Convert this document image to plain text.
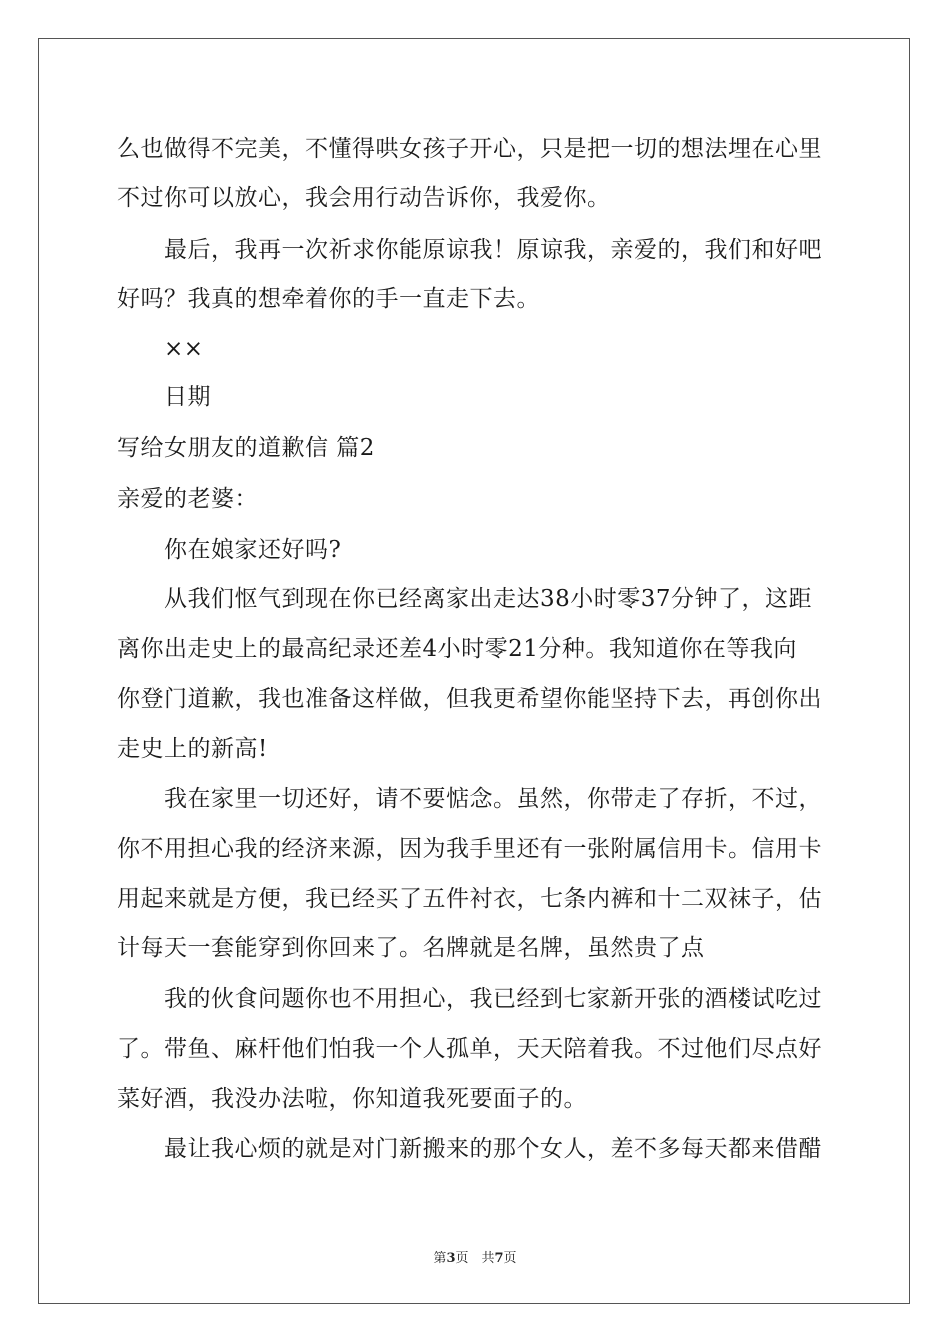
么也做得不完美，不懂得哄女孩子开心，只是把一切的想法埋在心里
不过你可以放心，我会用行动告诉你，我爱你。
最后，我再一次祈求你能原谅我！原谅我，亲爱的，我们和好吧
好吗？我真的想牵着你的手一直走下去。
××
日期
写给女朋友的道歉信 篇2
亲爱的老婆：
你在娘家还好吗?
从我们怄气到现在你已经离家出走达38小时零37分钟了，这距
离你出走史上的最高纪录还差4小时零21分种。我知道你在等我向
你登门道歉，我也准备这样做，但我更希望你能坚持下去，再创你出
走史上的新高!
我在家里一切还好，请不要惦念。虽然，你带走了存折，不过，
你不用担心我的经济来源，因为我手里还有一张附属信用卡。信用卡
用起来就是方便，我已经买了五件衬衣，七条内裤和十二双袜子，估
计每天一套能穿到你回来了。名牌就是名牌，虽然贵了点
我的伙食问题你也不用担心，我已经到七家新开张的酒楼试吃过
了。带鱼、麻杆他们怕我一个人孤单，天天陪着我。不过他们尽点好
菜好酒，我没办法啦，你知道我死要面子的。
最让我心烦的就是对门新搬来的那个女人，差不多每天都来借醋
第3页　共7页
